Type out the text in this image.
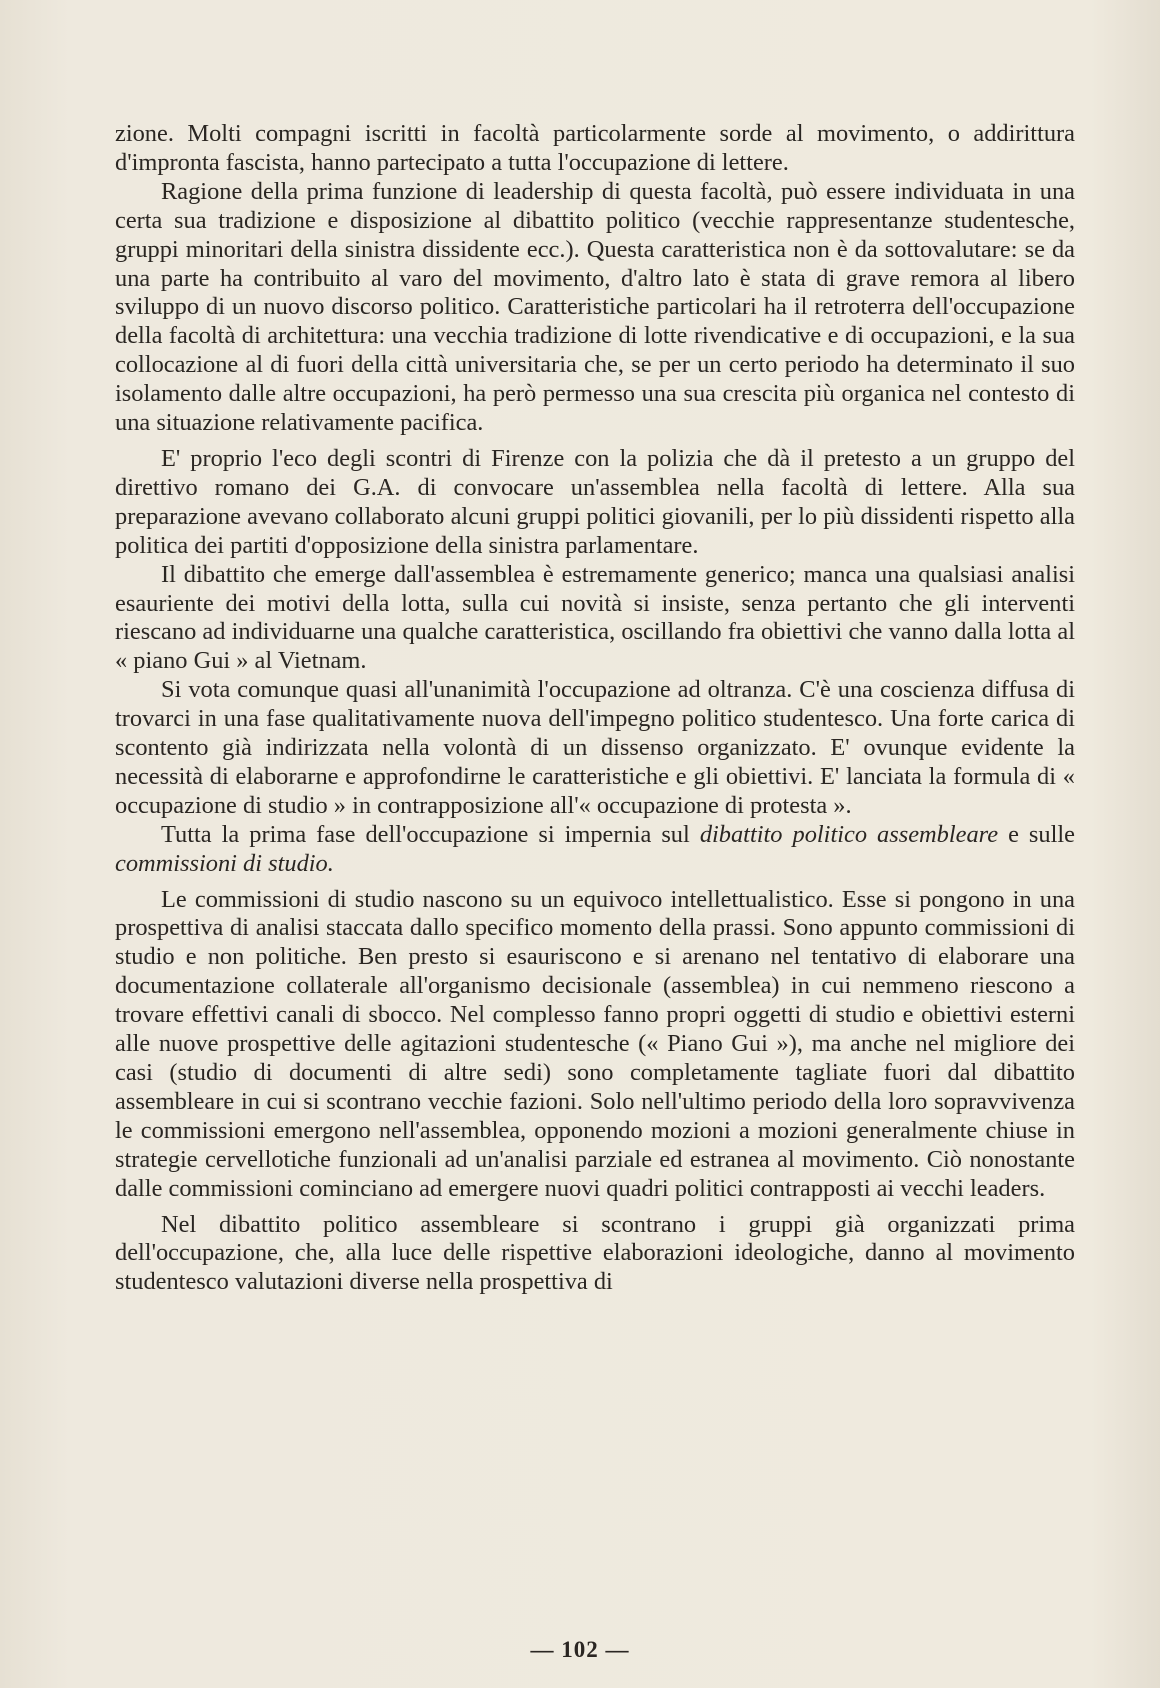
zione. Molti compagni iscritti in facoltà particolarmente sorde al movimento, o addirittura d'impronta fascista, hanno partecipato a tutta l'occupazione di lettere.

Ragione della prima funzione di leadership di questa facoltà, può essere individuata in una certa sua tradizione e disposizione al dibattito politico (vecchie rappresentanze studentesche, gruppi minoritari della sinistra dissidente ecc.). Questa caratteristica non è da sottovalutare: se da una parte ha contribuito al varo del movimento, d'altro lato è stata di grave remora al libero sviluppo di un nuovo discorso politico. Caratteristiche particolari ha il retroterra dell'occupazione della facoltà di architettura: una vecchia tradizione di lotte rivendicative e di occupazioni, e la sua collocazione al di fuori della città universitaria che, se per un certo periodo ha determinato il suo isolamento dalle altre occupazioni, ha però permesso una sua crescita più organica nel contesto di una situazione relativamente pacifica.

E' proprio l'eco degli scontri di Firenze con la polizia che dà il pretesto a un gruppo del direttivo romano dei G.A. di convocare un'assemblea nella facoltà di lettere. Alla sua preparazione avevano collaborato alcuni gruppi politici giovanili, per lo più dissidenti rispetto alla politica dei partiti d'opposizione della sinistra parlamentare.

Il dibattito che emerge dall'assemblea è estremamente generico; manca una qualsiasi analisi esauriente dei motivi della lotta, sulla cui novità si insiste, senza pertanto che gli interventi riescano ad individuarne una qualche caratteristica, oscillando fra obiettivi che vanno dalla lotta al « piano Gui » al Vietnam.

Si vota comunque quasi all'unanimità l'occupazione ad oltranza. C'è una coscienza diffusa di trovarci in una fase qualitativamente nuova dell'impegno politico studentesco. Una forte carica di scontento già indirizzata nella volontà di un dissenso organizzato. E' ovunque evidente la necessità di elaborarne e approfondirne le caratteristiche e gli obiettivi. E' lanciata la formula di « occupazione di studio » in contrapposizione all'« occupazione di protesta ».

Tutta la prima fase dell'occupazione si impernia sul dibattito politico assembleare e sulle commissioni di studio.

Le commissioni di studio nascono su un equivoco intellettualistico. Esse si pongono in una prospettiva di analisi staccata dallo specifico momento della prassi. Sono appunto commissioni di studio e non politiche. Ben presto si esauriscono e si arenano nel tentativo di elaborare una documentazione collaterale all'organismo decisionale (assemblea) in cui nemmeno riescono a trovare effettivi canali di sbocco. Nel complesso fanno propri oggetti di studio e obiettivi esterni alle nuove prospettive delle agitazioni studentesche (« Piano Gui »), ma anche nel migliore dei casi (studio di documenti di altre sedi) sono completamente tagliate fuori dal dibattito assembleare in cui si scontrano vecchie fazioni. Solo nell'ultimo periodo della loro sopravvivenza le commissioni emergono nell'assemblea, opponendo mozioni a mozioni generalmente chiuse in strategie cervellotiche funzionali ad un'analisi parziale ed estranea al movimento. Ciò nonostante dalle commissioni cominciano ad emergere nuovi quadri politici contrapposti ai vecchi leaders.

Nel dibattito politico assembleare si scontrano i gruppi già organizzati prima dell'occupazione, che, alla luce delle rispettive elaborazioni ideologiche, danno al movimento studentesco valutazioni diverse nella prospettiva di

— 102 —
